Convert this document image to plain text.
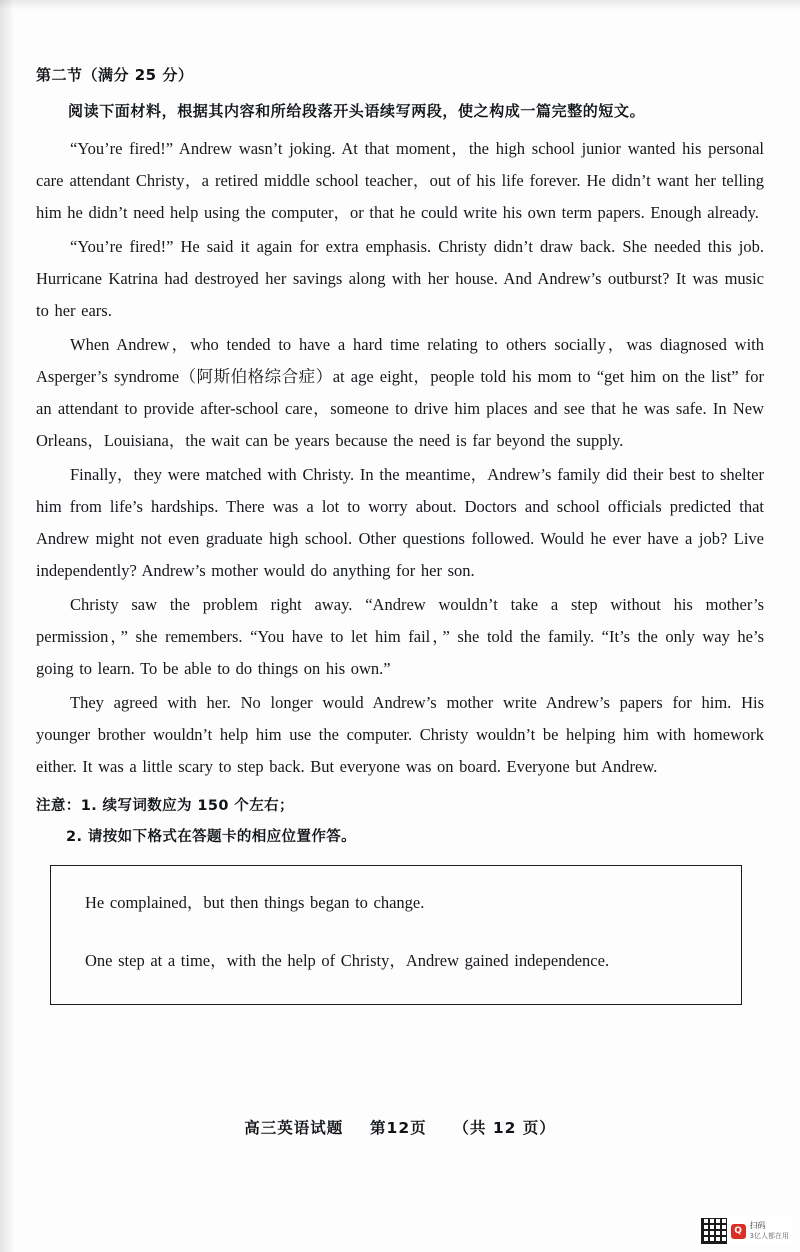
第二节（满分 25 分）
阅读下面材料，根据其内容和所给段落开头语续写两段，使之构成一篇完整的短文。

“You’re fired!” Andrew wasn’t joking. At that moment，the high school junior wanted his personal care attendant Christy，a retired middle school teacher，out of his life forever. He didn’t want her telling him he didn’t need help using the computer，or that he could write his own term papers. Enough already.

“You’re fired!” He said it again for extra emphasis. Christy didn’t draw back. She needed this job. Hurricane Katrina had destroyed her savings along with her house. And Andrew’s outburst? It was music to her ears.

When Andrew，who tended to have a hard time relating to others socially，was diagnosed with Asperger’s syndrome（阿斯伯格综合症）at age eight，people told his mom to “get him on the list” for an attendant to provide after-school care，someone to drive him places and see that he was safe. In New Orleans，Louisiana，the wait can be years because the need is far beyond the supply.

Finally，they were matched with Christy. In the meantime，Andrew’s family did their best to shelter him from life’s hardships. There was a lot to worry about. Doctors and school officials predicted that Andrew might not even graduate high school. Other questions followed. Would he ever have a job? Live independently? Andrew’s mother would do anything for her son.

Christy saw the problem right away. “Andrew wouldn’t take a step without his mother’s permission，” she remembers. “You have to let him fail，” she told the family. “It’s the only way he’s going to learn. To be able to do things on his own.”

They agreed with her. No longer would Andrew’s mother write Andrew’s papers for him. His younger brother wouldn’t help him use the computer. Christy wouldn’t be helping him with homework either. It was a little scary to step back. But everyone was on board. Everyone but Andrew.

注意：1. 续写词数应为 150 个左右；
2. 请按如下格式在答题卡的相应位置作答。
He complained，but then things began to change.
One step at a time，with the help of Christy，Andrew gained independence.
高三英语试题 第12页 （共 12 页）
Q 扫码
3亿人都在用
